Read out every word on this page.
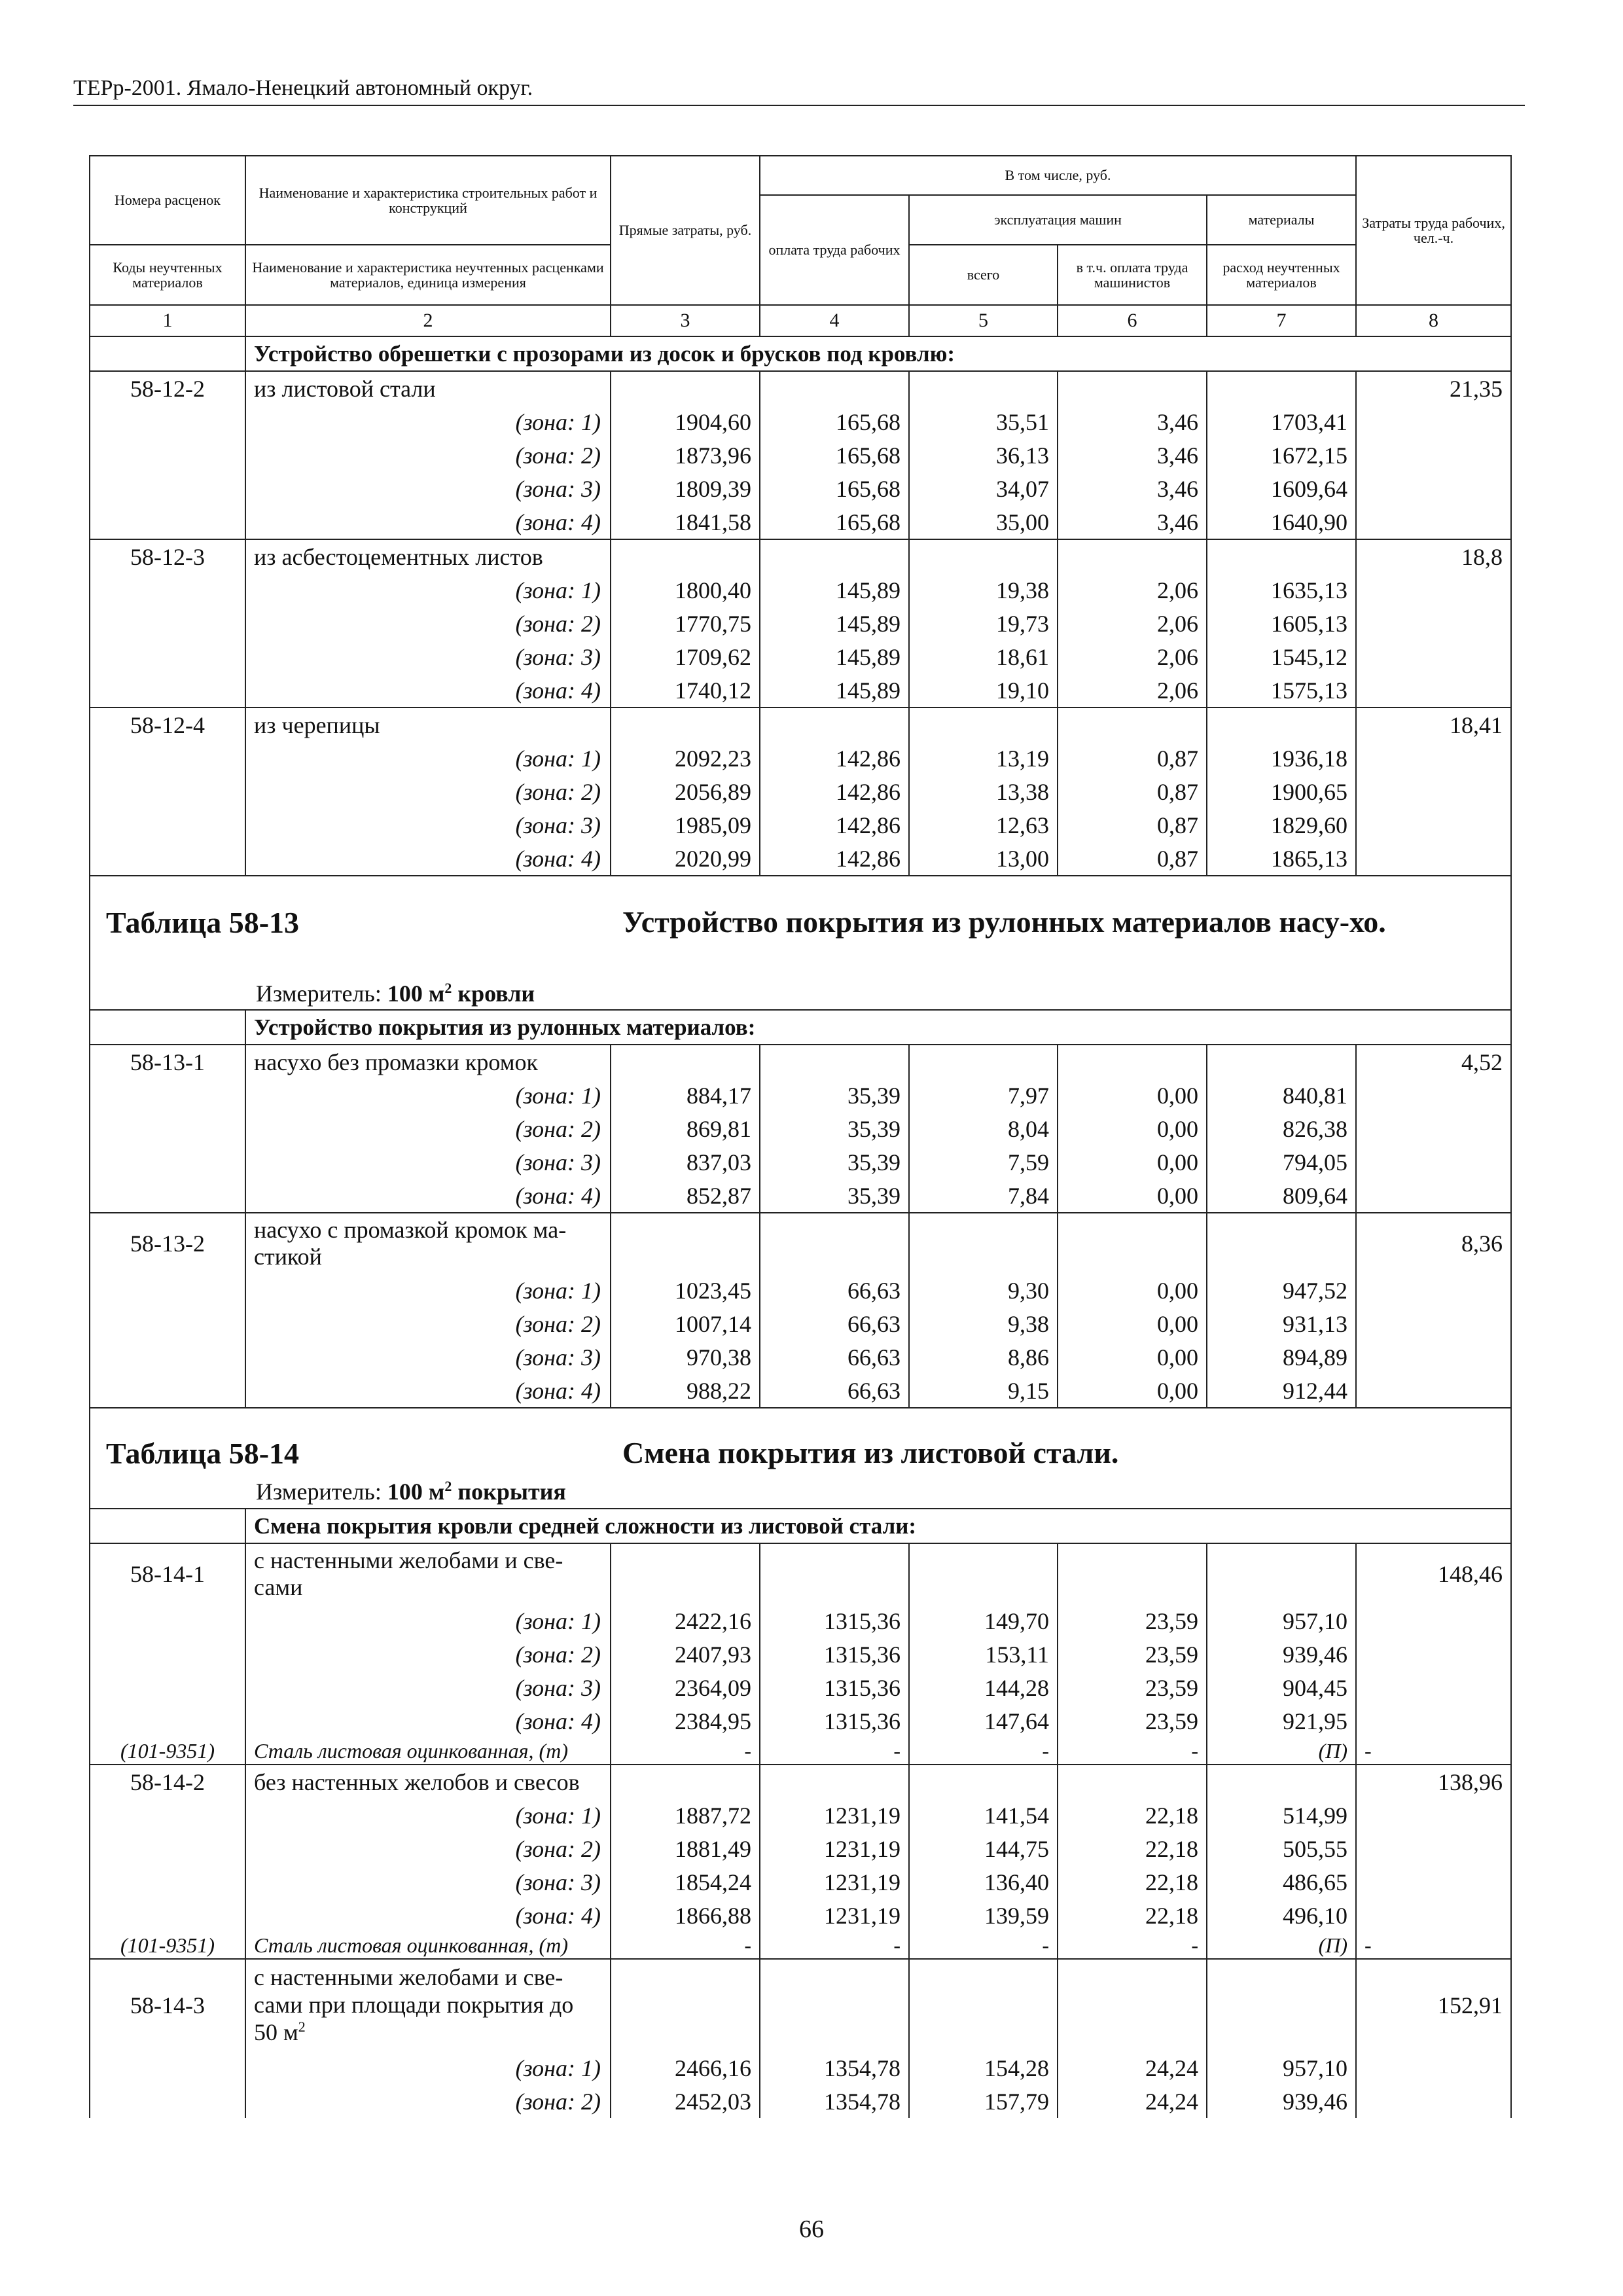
ТЕРр-2001. Ямало-Ненецкий автономный округ.
Номера расценок	Наименование и характеристика строительных работ и конструкций	Прямые затраты, руб.	В том числе, руб.				Затраты труда рабочих, чел.-ч.
			оплата труда рабочих	эксплуатация машин		материалы	
Коды неучтенных материалов	Наименование и характеристика неучтенных расценками материалов, единица измерения			всего	в т.ч. оплата труда машинистов	расход неучтенных материалов	
1	2	3	4	5	6	7	8
	Устройство обрешетки с прозорами из досок и брусков под кровлю:						
58-12-2	из листовой стали						21,35
	(зона: 1)	1904,60	165,68	35,51	3,46	1703,41	
	(зона: 2)	1873,96	165,68	36,13	3,46	1672,15	
	(зона: 3)	1809,39	165,68	34,07	3,46	1609,64	
	(зона: 4)	1841,58	165,68	35,00	3,46	1640,90	
58-12-3	из асбестоцементных листов						18,8
	(зона: 1)	1800,40	145,89	19,38	2,06	1635,13	
	(зона: 2)	1770,75	145,89	19,73	2,06	1605,13	
	(зона: 3)	1709,62	145,89	18,61	2,06	1545,12	
	(зона: 4)	1740,12	145,89	19,10	2,06	1575,13	
58-12-4	из черепицы						18,41
	(зона: 1)	2092,23	142,86	13,19	0,87	1936,18	
	(зона: 2)	2056,89	142,86	13,38	0,87	1900,65	
	(зона: 3)	1985,09	142,86	12,63	0,87	1829,60	
	(зона: 4)	2020,99	142,86	13,00	0,87	1865,13	

Таблица 58-13 Устройство покрытия из рулонных материалов насу-хо.
Измеритель: 100 $м^2$ кровли							

	Устройство покрытия из рулонных материалов:						
58-13-1	насухо без промазки кромок						4,52
	(зона: 1)	884,17	35,39	7,97	0,00	840,81	
	(зона: 2)	869,81	35,39	8,04	0,00	826,38	
	(зона: 3)	837,03	35,39	7,59	0,00	794,05	
	(зона: 4)	852,87	35,39	7,84	0,00	809,64	
58-13-2	насухо с промазкой кромок ма-стикой						8,36
	(зона: 1)	1023,45	66,63	9,30	0,00	947,52	
	(зона: 2)	1007,14	66,63	9,38	0,00	931,13	
	(зона: 3)	970,38	66,63	8,86	0,00	894,89	
	(зона: 4)	988,22	66,63	9,15	0,00	912,44	

Таблица 58-14 Смена покрытия из листовой стали.
Измеритель: 100 $м^2$ покрытия							

	Смена покрытия кровли средней сложности из листовой стали:						
58-14-1	с настенными желобами и све-сами						148,46
	(зона: 1)	2422,16	1315,36	149,70	23,59	957,10	
	(зона: 2)	2407,93	1315,36	153,11	23,59	939,46	
	(зона: 3)	2364,09	1315,36	144,28	23,59	904,45	
	(зона: 4)	2384,95	1315,36	147,64	23,59	921,95	
(101-9351)	Сталь листовая оцинкованная, (т)	-	-	-	-	(П)	-
58-14-2	без настенных желобов и свесов						138,96
	(зона: 1)	1887,72	1231,19	141,54	22,18	514,99	
	(зона: 2)	1881,49	1231,19	144,75	22,18	505,55	
	(зона: 3)	1854,24	1231,19	136,40	22,18	486,65	
	(зона: 4)	1866,88	1231,19	139,59	22,18	496,10	
(101-9351)	Сталь листовая оцинкованная, (т)	-	-	-	-	(П)	-
58-14-3	с настенными желобами и све-сами при площади покрытия до 50 $м^2$						152,91
	(зона: 1)	2466,16	1354,78	154,28	24,24	957,10	
	(зона: 2)	2452,03	1354,78	157,79	24,24	939,46	
66
